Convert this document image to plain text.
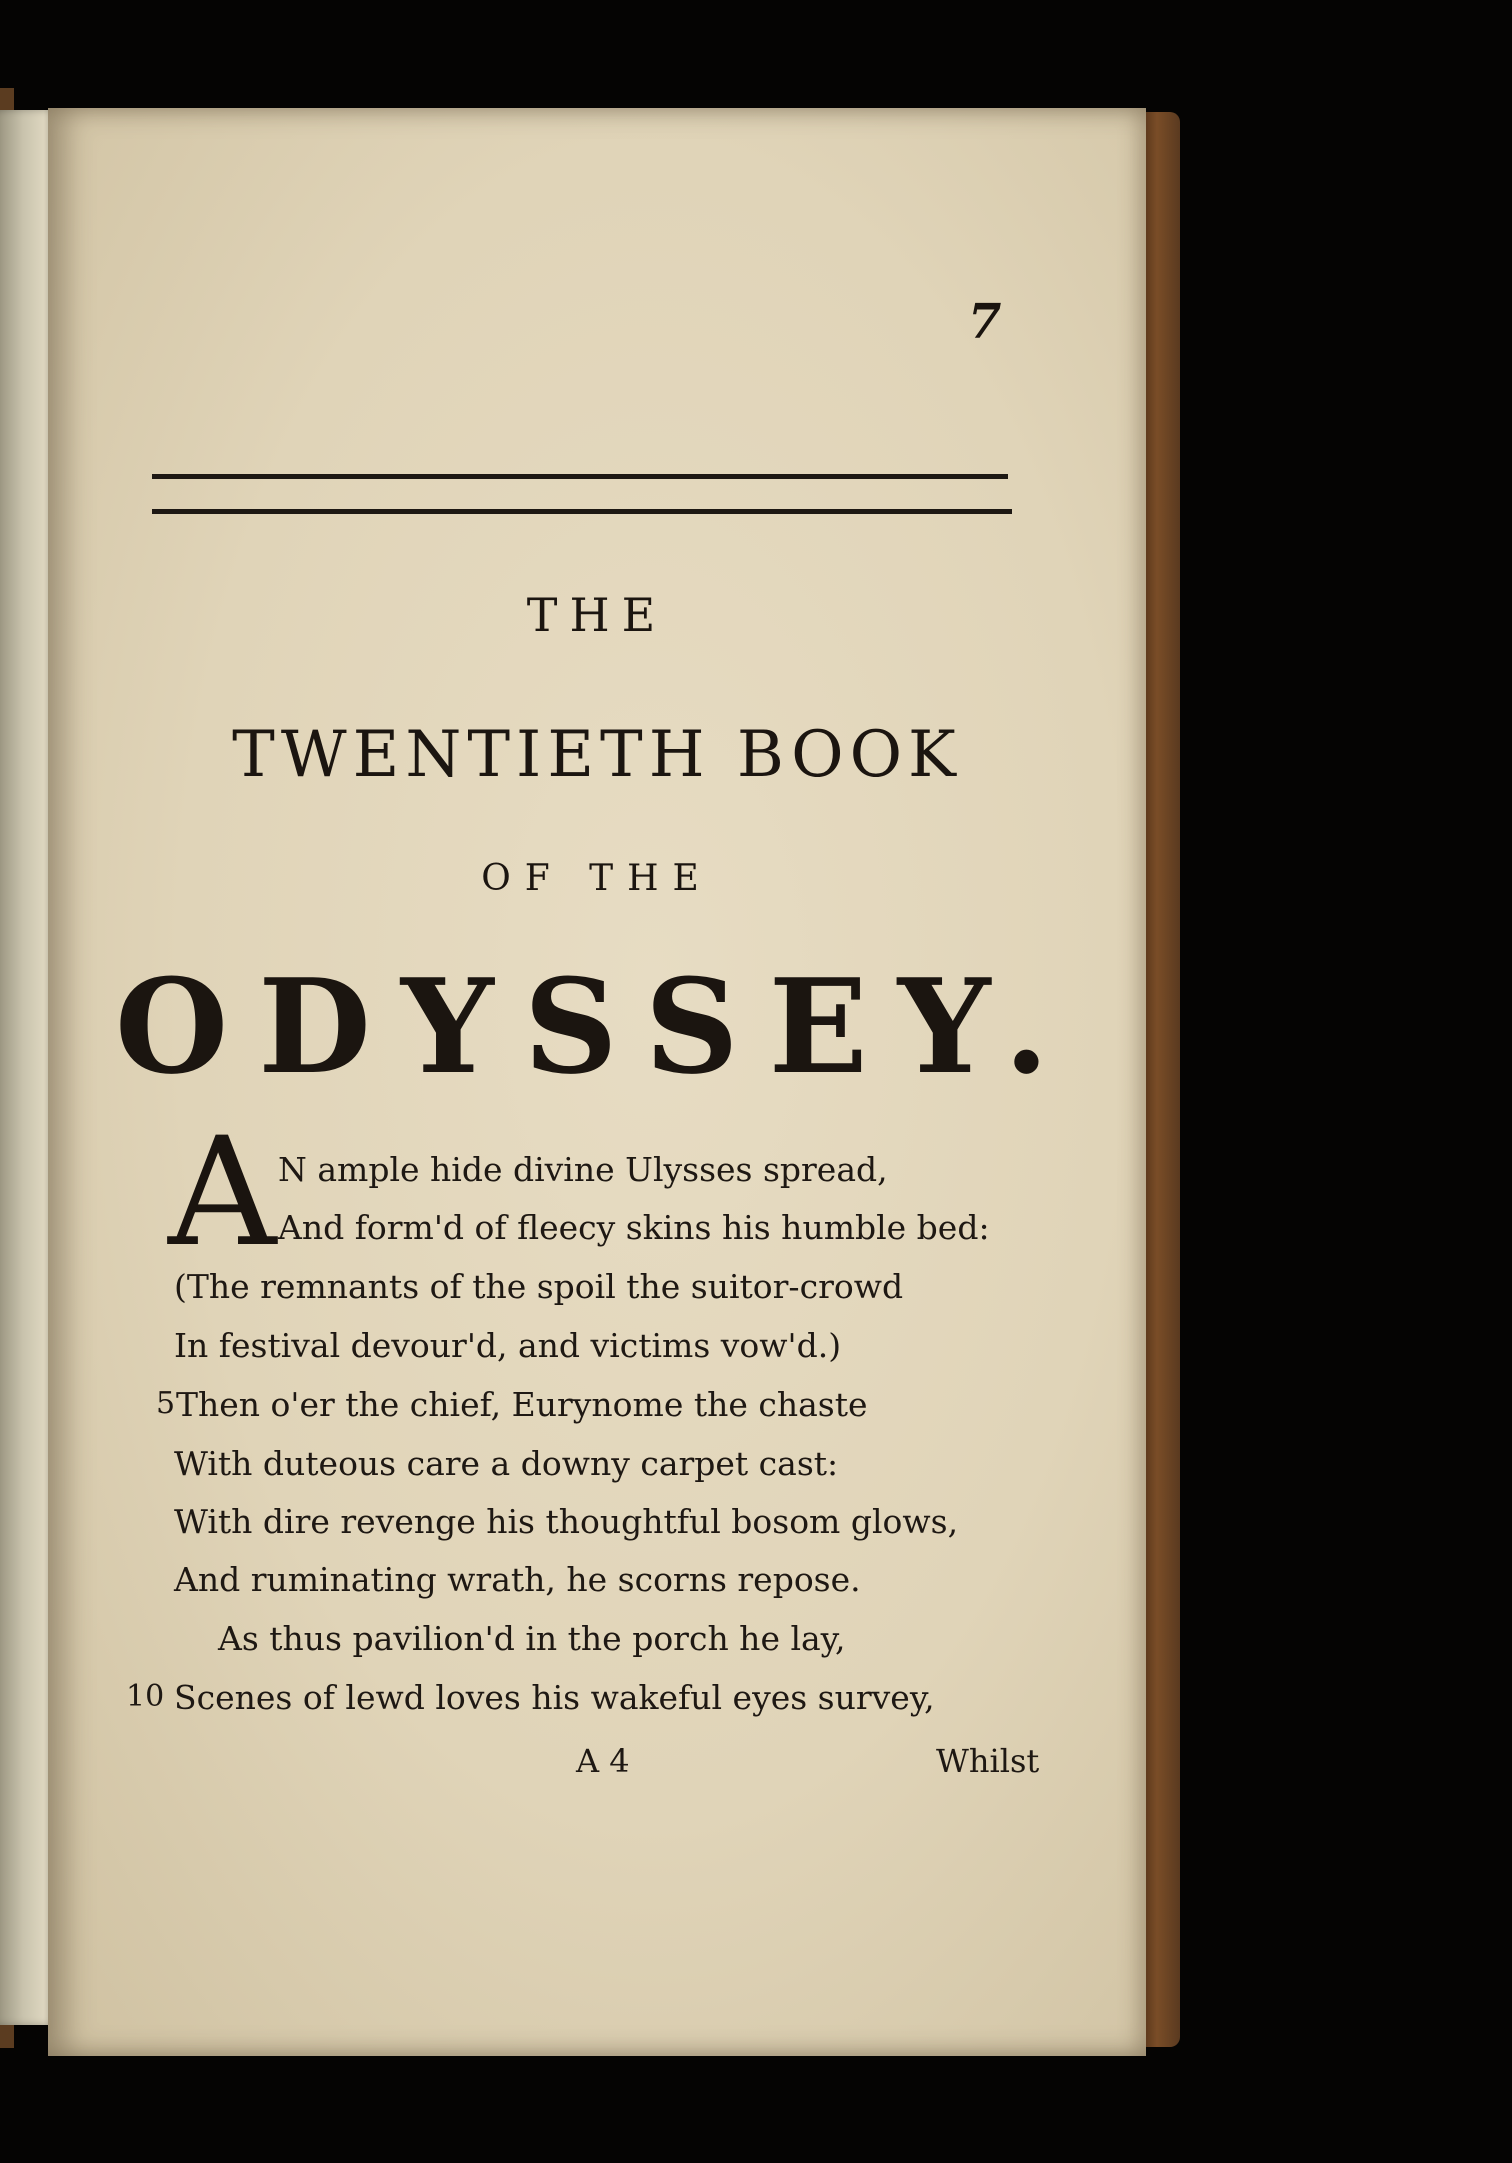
7
THE
TWENTIETH BOOK
OF THE
ODYSSEY.
A N ample hide divine Ulysses spread,
And form'd of fleecy skins his humble bed:
(The remnants of the spoil the suitor-crowd
In festival devour'd, and victims vow'd.)
5 Then o'er the chief, Eurynome the chaste
With duteous care a downy carpet cast:
With dire revenge his thoughtful bosom glows,
And ruminating wrath, he scorns repose.
As thus pavilion'd in the porch he lay,
10 Scenes of lewd loves his wakeful eyes survey,
A 4	Whilst
